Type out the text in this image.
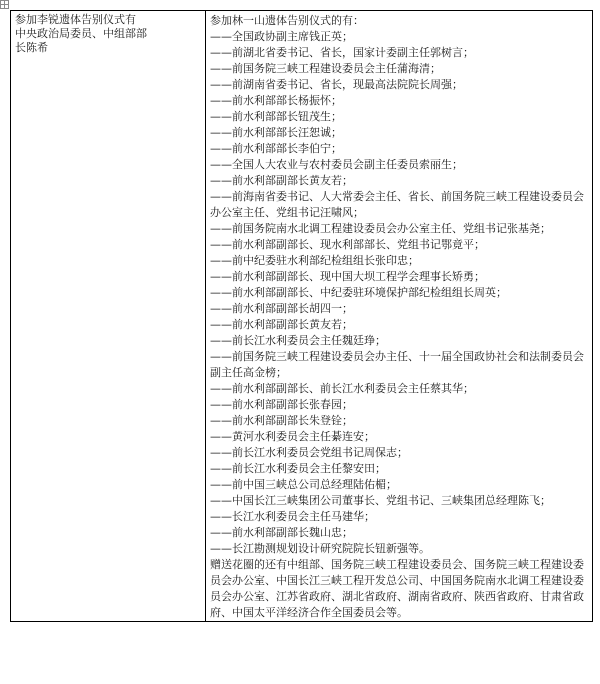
参加李锐遗体告别仪式有
中央政治局委员、中组部部
长陈希

参加林一山遗体告别仪式的有：
——全国政协副主席钱正英；
——前湖北省委书记、省长，国家计委副主任郭树言；
——前国务院三峡工程建设委员会主任蒲海清；
——前湖南省委书记、省长，现最高法院院长周强；
——前水利部部长杨振怀；
——前水利部部长钮茂生；
——前水利部部长汪恕诚；
——前水利部部长李伯宁；
——全国人大农业与农村委员会副主任委员索丽生；
——前水利部副部长黄友若；
——前海南省委书记、人大常委会主任、省长、前国务院三峡工程建设委员会办公室主任、党组书记汪啸风；
——前国务院南水北调工程建设委员会办公室主任、党组书记张基尧；
——前水利部副部长、现水利部部长、党组书记鄂竟平；
——前中纪委驻水利部纪检组组长张印忠；
——前水利部副部长、现中国大坝工程学会理事长矫勇；
——前水利部副部长、中纪委驻环境保护部纪检组组长周英；
——前水利部副部长胡四一；
——前水利部副部长黄友若；
——前长江水利委员会主任魏廷琤；
——前国务院三峡工程建设委员会办主任、十一届全国政协社会和法制委员会副主任高金榜；
——前水利部副部长、前长江水利委员会主任蔡其华；
——前水利部副部长张春园；
——前水利部副部长朱登铨；
——黄河水利委员会主任綦连安；
——前长江水利委员会党组书记周保志；
——前长江水利委员会主任黎安田；
——前中国三峡总公司总经理陆佑楣；
——中国长江三峡集团公司董事长、党组书记、三峡集团总经理陈飞；
——长江水利委员会主任马建华；
——前水利部副部长魏山忠；
——长江勘测规划设计研究院院长钮新强等。
赠送花圈的还有中组部、国务院三峡工程建设委员会、国务院三峡工程建设委员会办公室、中国长江三峡工程开发总公司、中国国务院南水北调工程建设委员会办公室、江苏省政府、湖北省政府、湖南省政府、陕西省政府、甘肃省政府、中国太平洋经济合作全国委员会等。
